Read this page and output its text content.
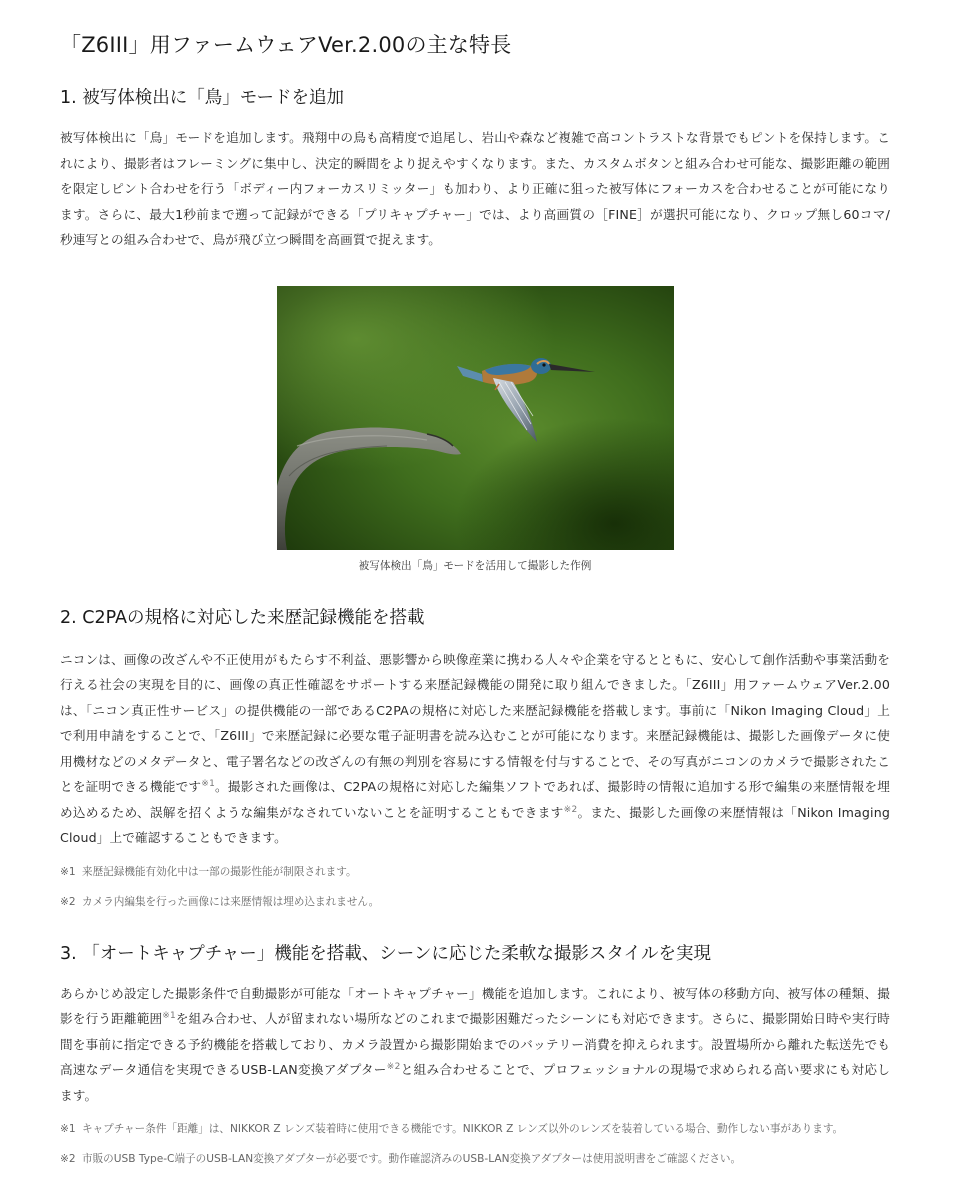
「Z6III」用ファームウェアVer.2.00の主な特長
1. 被写体検出に「鳥」モードを追加

被写体検出に「鳥」モードを追加します。飛翔中の鳥も高精度で追尾し、岩山や森など複雑で高コントラストな背景でもピントを保持します。これにより、撮影者はフレーミングに集中し、決定的瞬間をより捉えやすくなります。また、カスタムボタンと組み合わせ可能な、撮影距離の範囲を限定しピント合わせを行う「ボディー内フォーカスリミッター」も加わり、より正確に狙った被写体にフォーカスを合わせることが可能になります。さらに、最大1秒前まで遡って記録ができる「プリキャプチャー」では、より高画質の［FINE］が選択可能になり、クロップ無し60コマ/秒連写との組み合わせで、鳥が飛び立つ瞬間を高画質で捉えます。

被写体検出「鳥」モードを活用して撮影した作例
2. C2PAの規格に対応した来歴記録機能を搭載

ニコンは、画像の改ざんや不正使用がもたらす不利益、悪影響から映像産業に携わる人々や企業を守るとともに、安心して創作活動や事業活動を行える社会の実現を目的に、画像の真正性確認をサポートする来歴記録機能の開発に取り組んできました。「Z6III」用ファームウェアVer.2.00は、「ニコン真正性サービス」の提供機能の一部であるC2PAの規格に対応した来歴記録機能を搭載します。事前に「Nikon Imaging Cloud」上で利用申請をすることで、「Z6III」で来歴記録に必要な電子証明書を読み込むことが可能になります。来歴記録機能は、撮影した画像データに使用機材などのメタデータと、電子署名などの改ざんの有無の判別を容易にする情報を付与することで、その写真がニコンのカメラで撮影されたことを証明できる機能です$^{※1}$。撮影された画像は、C2PAの規格に対応した編集ソフトであれば、撮影時の情報に追加する形で編集の来歴情報を埋め込めるため、誤解を招くような編集がなされていないことを証明することもできます$^{※2}$。また、撮影した画像の来歴情報は「Nikon Imaging Cloud」上で確認することもできます。

※1 来歴記録機能有効化中は一部の撮影性能が制限されます。
※2 カメラ内編集を行った画像には来歴情報は埋め込まれません。
3. 「オートキャプチャー」機能を搭載、シーンに応じた柔軟な撮影スタイルを実現

あらかじめ設定した撮影条件で自動撮影が可能な「オートキャプチャー」機能を追加します。これにより、被写体の移動方向、被写体の種類、撮影を行う距離範囲$^{※1}$を組み合わせ、人が留まれない場所などのこれまで撮影困難だったシーンにも対応できます。さらに、撮影開始日時や実行時間を事前に指定できる予約機能を搭載しており、カメラ設置から撮影開始までのバッテリー消費を抑えられます。設置場所から離れた転送先でも高速なデータ通信を実現できるUSB-LAN変換アダプター$^{※2}$と組み合わせることで、プロフェッショナルの現場で求められる高い要求にも対応します。

※1 キャプチャー条件「距離」は、NIKKOR Z レンズ装着時に使用できる機能です。NIKKOR Z レンズ以外のレンズを装着している場合、動作しない事があります。
※2 市販のUSB Type-C端子のUSB-LAN変換アダプターが必要です。動作確認済みのUSB-LAN変換アダプターは使用説明書をご確認ください。
